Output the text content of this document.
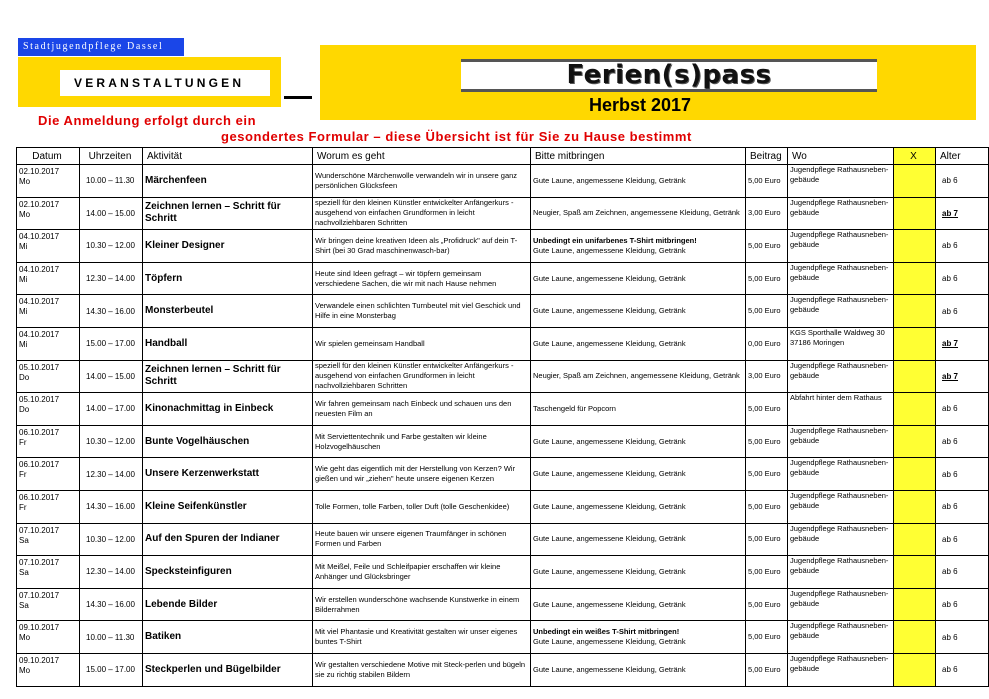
Stadtjugendpflege Dassel
VERANSTALTUNGEN	Ferien(s)pass
Herbst 2017
Die Anmeldung erfolgt durch ein
gesondertes Formular – diese Übersicht ist für Sie zu Hause bestimmt
Datum	Uhrzeiten	Aktivität	Worum es geht	Bitte mitbringen	Beitrag	Wo	X	Alter
02.10.2017
Mo	10.00 – 11.30	Märchenfeen	Wunderschöne Märchenwolle verwandeln wir in unsere ganz persönlichen Glücksfeen	Gute Laune, angemessene Kleidung, Getränk	5,00 Euro	Jugendpflege Rathausneben-gebäude		ab 6
02.10.2017
Mo	14.00 – 15.00	Zeichnen lernen – Schritt für Schritt	speziell für den kleinen Künstler entwickelter Anfängerkurs - ausgehend von einfachen Grundformen in leicht nachvollziehbaren Schritten	Neugier, Spaß am Zeichnen, angemessene Kleidung, Getränk	3,00 Euro	Jugendpflege Rathausneben-gebäude		ab 7
04.10.2017
Mi	10.30 – 12.00	Kleiner Designer	Wir bringen deine kreativen Ideen als „Profidruck" auf dein T-Shirt (bei 30 Grad maschinenwasch-bar)	Unbedingt ein unifarbenes T-Shirt mitbringen!
Gute Laune, angemessene Kleidung, Getränk	5,00 Euro	Jugendpflege Rathausneben-gebäude		ab 6
04.10.2017
Mi	12.30 – 14.00	Töpfern	Heute sind Ideen gefragt – wir töpfern gemeinsam verschiedene Sachen, die wir mit nach Hause nehmen	Gute Laune, angemessene Kleidung, Getränk	5,00 Euro	Jugendpflege Rathausneben-gebäude		ab 6
04.10.2017
Mi	14.30 – 16.00	Monsterbeutel	Verwandele einen schlichten Turnbeutel mit viel Geschick und Hilfe in eine Monsterbag	Gute Laune, angemessene Kleidung, Getränk	5,00 Euro	Jugendpflege Rathausneben-gebäude		ab 6
04.10.2017
Mi	15.00 – 17.00	Handball	Wir spielen gemeinsam Handball	Gute Laune, angemessene Kleidung, Getränk	0,00 Euro	KGS Sporthalle Waldweg 30 37186 Moringen		ab 7
05.10.2017
Do	14.00 – 15.00	Zeichnen lernen – Schritt für Schritt	speziell für den kleinen Künstler entwickelter Anfängerkurs - ausgehend von einfachen Grundformen in leicht nachvollziehbaren Schritten	Neugier, Spaß am Zeichnen, angemessene Kleidung, Getränk	3,00 Euro	Jugendpflege Rathausneben-gebäude		ab 7
05.10.2017
Do	14.00 – 17.00	Kinonachmittag in Einbeck	Wir fahren gemeinsam nach Einbeck und schauen uns den neuesten Film an	Taschengeld für Popcorn	5,00 Euro	Abfahrt hinter dem Rathaus		ab 6
06.10.2017
Fr	10.30 – 12.00	Bunte Vogelhäuschen	Mit Serviettentechnik und Farbe gestalten wir kleine Holzvogelhäuschen	Gute Laune, angemessene Kleidung, Getränk	5,00 Euro	Jugendpflege Rathausneben-gebäude		ab 6
06.10.2017
Fr	12.30 – 14.00	Unsere Kerzenwerkstatt	Wie geht das eigentlich mit der Herstellung von Kerzen? Wir gießen und wir „ziehen" heute unsere eigenen Kerzen	Gute Laune, angemessene Kleidung, Getränk	5,00 Euro	Jugendpflege Rathausneben-gebäude		ab 6
06.10.2017
Fr	14.30 – 16.00	Kleine Seifenkünstler	Tolle Formen, tolle Farben, toller Duft (tolle Geschenkidee)	Gute Laune, angemessene Kleidung, Getränk	5,00 Euro	Jugendpflege Rathausneben-gebäude		ab 6
07.10.2017
Sa	10.30 – 12.00	Auf den Spuren der Indianer	Heute bauen wir unsere eigenen Traumfänger in schönen Formen und Farben	Gute Laune, angemessene Kleidung, Getränk	5,00 Euro	Jugendpflege Rathausneben-gebäude		ab 6
07.10.2017
Sa	12.30 – 14.00	Specksteinfiguren	Mit Meißel, Feile und Schleifpapier erschaffen wir kleine Anhänger und Glücksbringer	Gute Laune, angemessene Kleidung, Getränk	5,00 Euro	Jugendpflege Rathausneben-gebäude		ab 6
07.10.2017
Sa	14.30 – 16.00	Lebende Bilder	Wir erstellen wunderschöne wachsende Kunstwerke in einem Bilderrahmen	Gute Laune, angemessene Kleidung, Getränk	5,00 Euro	Jugendpflege Rathausneben-gebäude		ab 6
09.10.2017
Mo	10.00 – 11.30	Batiken	Mit viel Phantasie und Kreativität gestalten wir unser eigenes buntes T-Shirt	Unbedingt ein weißes T-Shirt mitbringen!
Gute Laune, angemessene Kleidung, Getränk	5,00 Euro	Jugendpflege Rathausneben-gebäude		ab 6
09.10.2017
Mo	15.00 – 17.00	Steckperlen und Bügelbilder	Wir gestalten verschiedene Motive mit Steck-perlen und bügeln sie zu richtig stabilen Bildern	Gute Laune, angemessene Kleidung, Getränk	5,00 Euro	Jugendpflege Rathausneben-gebäude		ab 6
